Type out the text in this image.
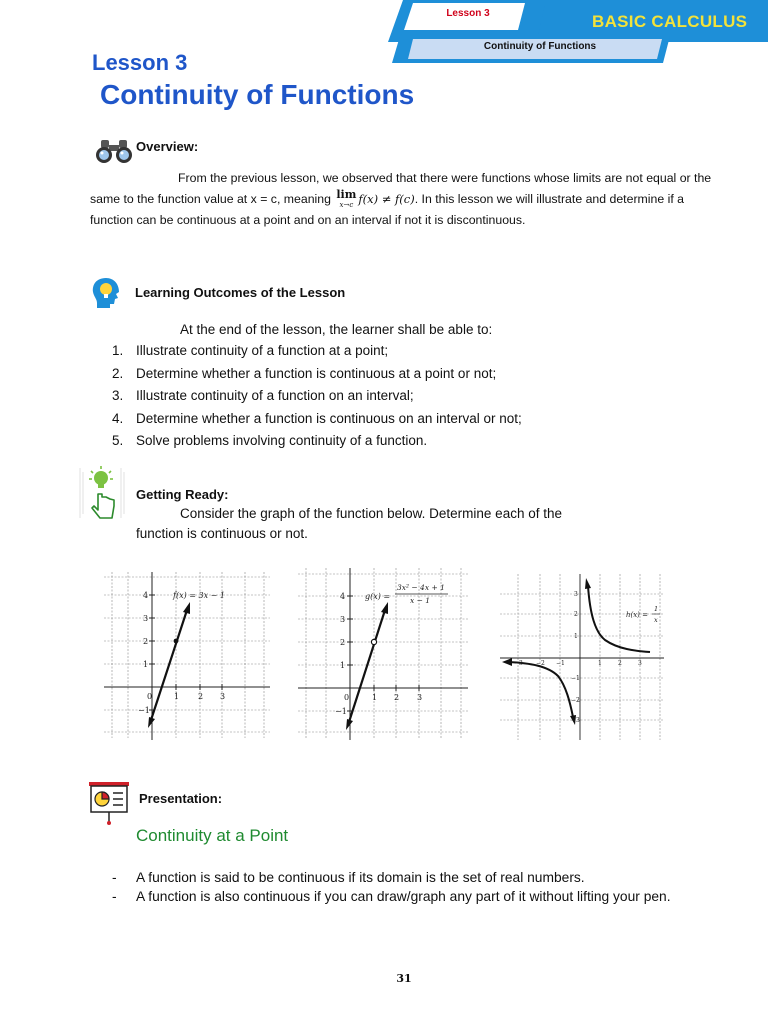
Lesson 3	BASIC CALCULUS
Continuity of Functions
Lesson 3
Continuity of Functions
Overview:
From the previous lesson, we observed that there were functions whose limits are not equal or the same to the function value at x = c, meaning lim
x→c f(x) ≠ f(c). In this lesson we will illustrate and determine if a function can be continuous at a point and on an interval if not it is discontinuous.
Learning Outcomes of the Lesson
At the end of the lesson, the learner shall be able to:
1. Illustrate continuity of a function at a point;
2. Determine whether a function is continuous at a point or not;
3. Illustrate continuity of a function on an interval;
4. Determine whether a function is continuous on an interval or not;
5. Solve problems involving continuity of a function.
Getting Ready:
Consider the graph of the function below. Determine each of the
function is continuous or not.
f(x) = 3x − 1
4
3
2
1
−1
0	1 2 3
g(x) =
3x² − 4x + 1
x − 1
4
3
2
1
−1
0	1 2 3
h(x) =
1
x
3
2
1
−1
−2
−3
−3 −2 −1	1	2	3
Presentation:
Continuity at a Point
- A function is said to be continuous if its domain is the set of real numbers.
- A function is also continuous if you can draw/graph any part of it without lifting your pen.
31
